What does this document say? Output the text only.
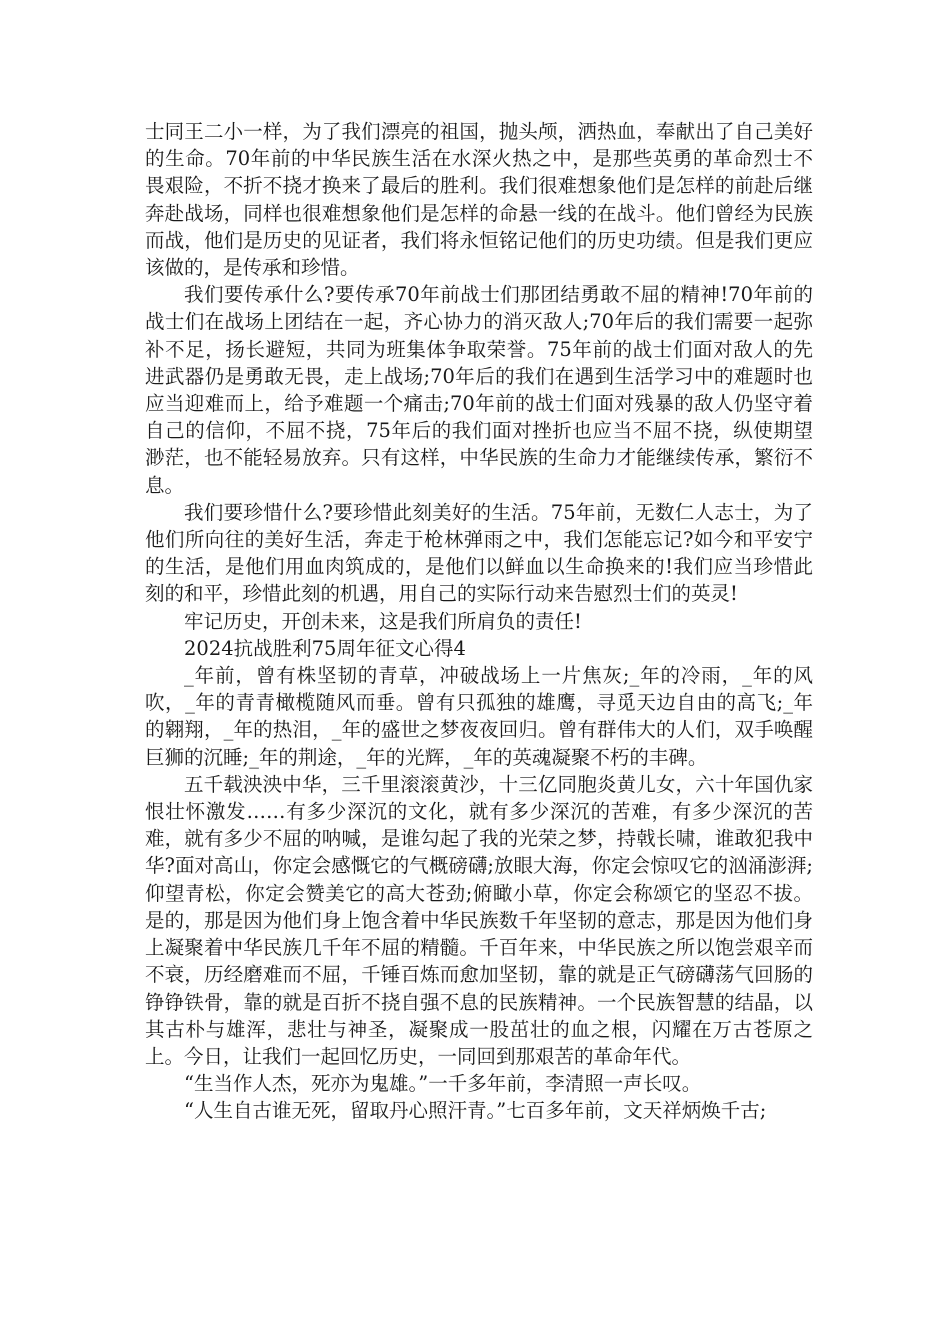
士同王二小一样，为了我们漂亮的祖国，抛头颅，洒热血，奉献出了自己美好的生命。70年前的中华民族生活在水深火热之中，是那些英勇的革命烈士不畏艰险，不折不挠才换来了最后的胜利。我们很难想象他们是怎样的前赴后继奔赴战场，同样也很难想象他们是怎样的命悬一线的在战斗。他们曾经为民族而战，他们是历史的见证者，我们将永恒铭记他们的历史功绩。但是我们更应该做的，是传承和珍惜。

我们要传承什么?要传承70年前战士们那团结勇敢不屈的精神!70年前的战士们在战场上团结在一起，齐心协力的消灭敌人;70年后的我们需要一起弥补不足，扬长避短，共同为班集体争取荣誉。75年前的战士们面对敌人的先进武器仍是勇敢无畏，走上战场;70年后的我们在遇到生活学习中的难题时也应当迎难而上，给予难题一个痛击;70年前的战士们面对残暴的敌人仍坚守着自己的信仰，不屈不挠，75年后的我们面对挫折也应当不屈不挠，纵使期望渺茫，也不能轻易放弃。只有这样，中华民族的生命力才能继续传承，繁衍不息。

我们要珍惜什么?要珍惜此刻美好的生活。75年前，无数仁人志士，为了他们所向往的美好生活，奔走于枪林弹雨之中，我们怎能忘记?如今和平安宁的生活，是他们用血肉筑成的，是他们以鲜血以生命换来的!我们应当珍惜此刻的和平，珍惜此刻的机遇，用自己的实际行动来告慰烈士们的英灵!

牢记历史，开创未来，这是我们所肩负的责任!

2024抗战胜利75周年征文心得4

_年前，曾有株坚韧的青草，冲破战场上一片焦灰;_年的冷雨，_年的风吹，_年的青青橄榄随风而垂。曾有只孤独的雄鹰，寻觅天边自由的高飞;_年的翱翔，_年的热泪，_年的盛世之梦夜夜回归。曾有群伟大的人们，双手唤醒巨狮的沉睡;_年的荆途，_年的光辉，_年的英魂凝聚不朽的丰碑。

五千载泱泱中华，三千里滚滚黄沙，十三亿同胞炎黄儿女，六十年国仇家恨壮怀激发……有多少深沉的文化，就有多少深沉的苦难，有多少深沉的苦难，就有多少不屈的呐喊，是谁勾起了我的光荣之梦，持戟长啸，谁敢犯我中华?面对高山，你定会感慨它的气概磅礴;放眼大海，你定会惊叹它的汹涌澎湃;仰望青松，你定会赞美它的高大苍劲;俯瞰小草，你定会称颂它的坚忍不拔。是的，那是因为他们身上饱含着中华民族数千年坚韧的意志，那是因为他们身上凝聚着中华民族几千年不屈的精髓。千百年来，中华民族之所以饱尝艰辛而不衰，历经磨难而不屈，千锤百炼而愈加坚韧，靠的就是正气磅礴荡气回肠的铮铮铁骨，靠的就是百折不挠自强不息的民族精神。一个民族智慧的结晶，以其古朴与雄浑，悲壮与神圣，凝聚成一股茁壮的血之根，闪耀在万古苍原之上。今日，让我们一起回忆历史，一同回到那艰苦的革命年代。

“生当作人杰，死亦为鬼雄。”一千多年前，李清照一声长叹。

“人生自古谁无死，留取丹心照汗青。”七百多年前，文天祥炳焕千古;
